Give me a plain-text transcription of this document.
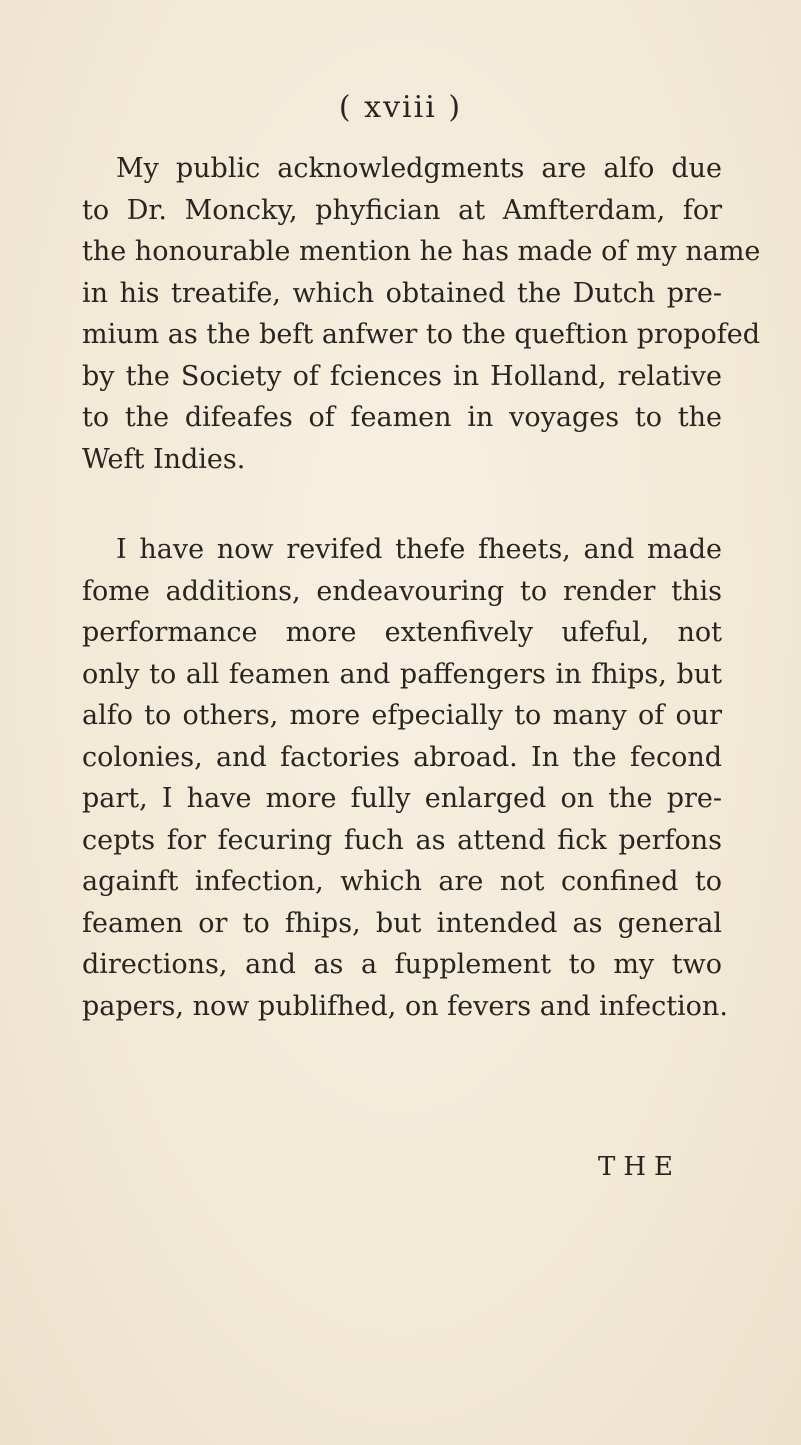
( xviii )

My public acknowledgments are alfo due
to Dr. Moncky, phyfician at Amfterdam, for
the honourable mention he has made of my name
in his treatife, which obtained the Dutch pre-
mium as the beft anfwer to the queftion propofed
by the Society of fciences in Holland, relative
to the difeafes of feamen in voyages to the
Weft Indies.

I have now revifed thefe fheets, and made
fome additions, endeavouring to render this
performance more extenfively ufeful, not
only to all feamen and paffengers in fhips, but
alfo to others, more efpecially to many of our
colonies, and factories abroad. In the fecond
part, I have more fully enlarged on the pre-
cepts for fecuring fuch as attend fick perfons
againft infection, which are not confined to
feamen or to fhips, but intended as general
directions, and as a fupplement to my two
papers, now publifhed, on fevers and infection.

THE
